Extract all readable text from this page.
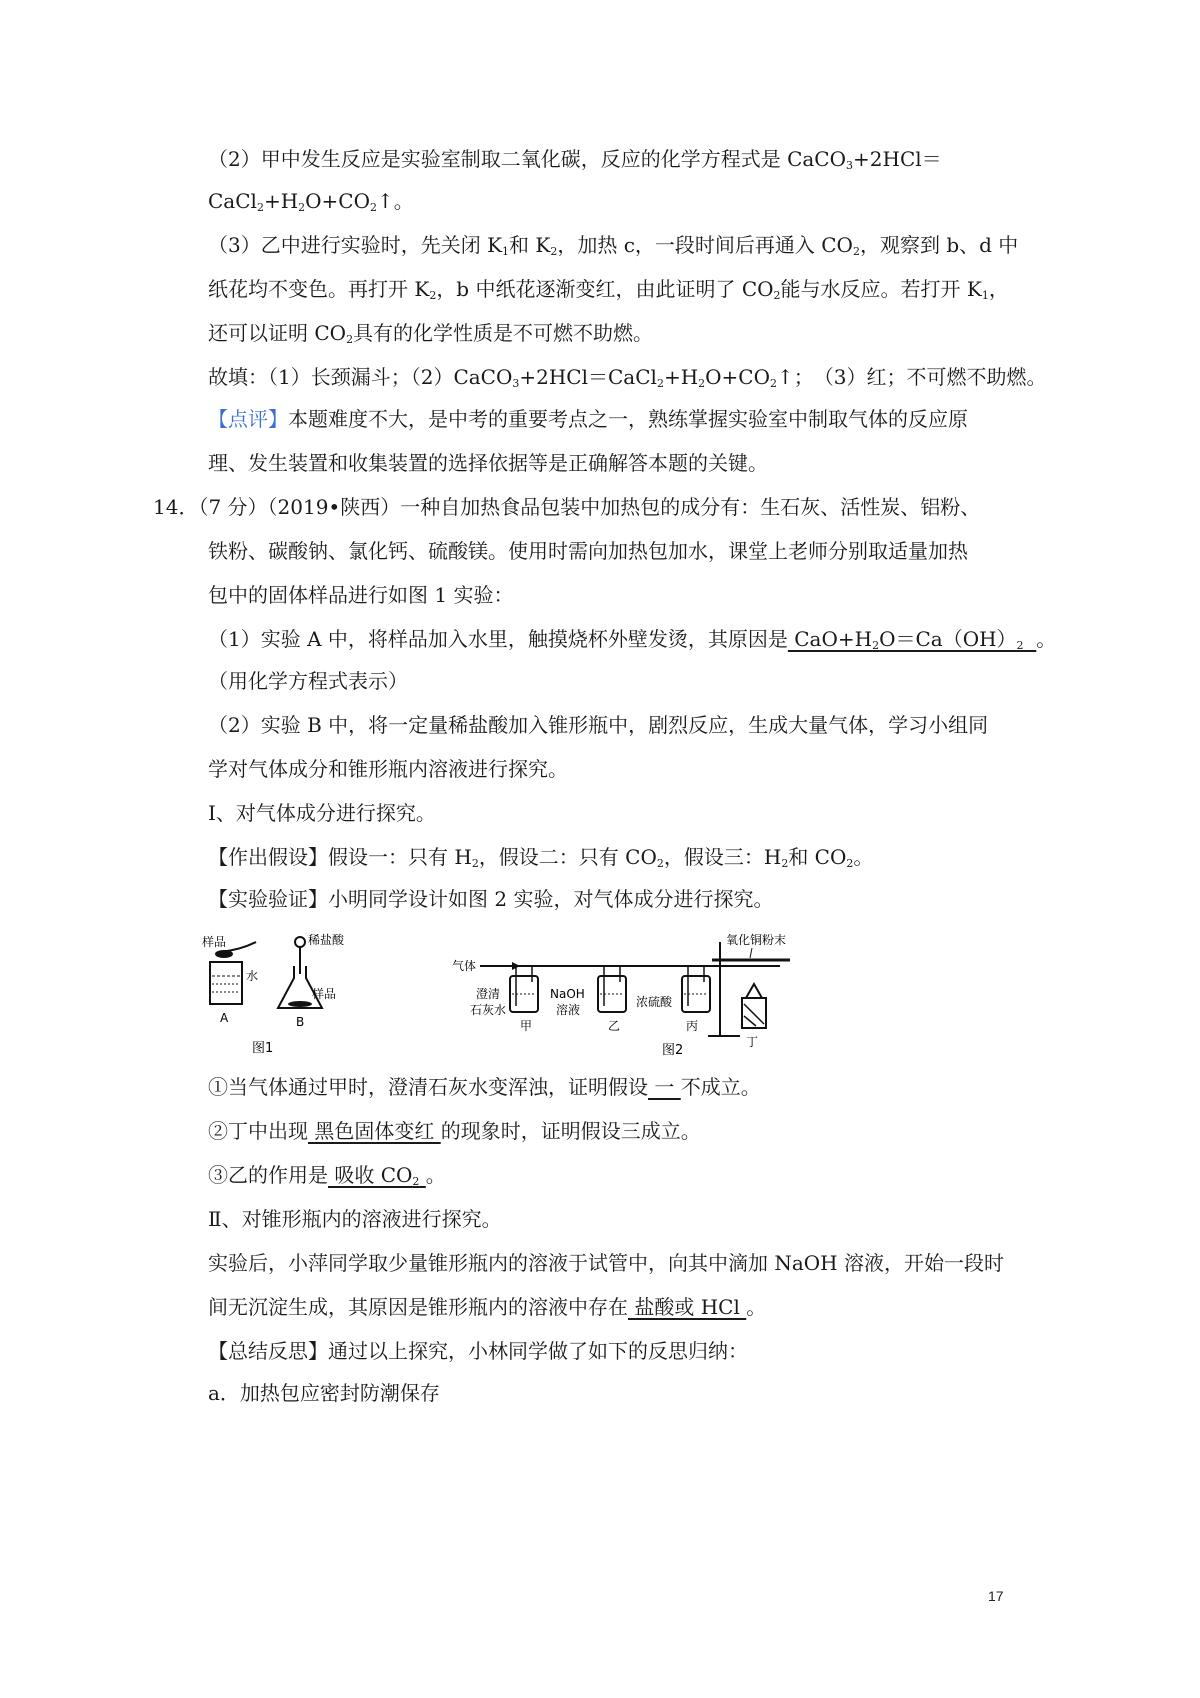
（2）甲中发生反应是实验室制取二氧化碳，反应的化学方程式是 CaCO$_3$+2HCl＝
$CaCl_2+H_2O+CO_2↑$。
（3）乙中进行实验时，先关闭 $K_1$和 $K_2$，加热 c，一段时间后再通入 $CO_2$，观察到 b、d 中
纸花均不变色。再打开 $K_2$，b 中纸花逐渐变红，由此证明了 $CO_2$能与水反应。若打开 $K_1$，
还可以证明 $CO_2$具有的化学性质是不可燃不助燃。
故填：（1）长颈漏斗；$(2)CaCO_3+2HCl=CaCl_2+H_2O+CO_2↑$；　（3）红；不可燃不助燃。
【点评】本题难度不大，是中考的重要考点之一，熟练掌握实验室中制取气体的反应原
理、发生装置和收集装置的选择依据等是正确解答本题的关键。
14．（7 分）（2019•陕西）一种自加热食品包装中加热包的成分有：生石灰、活性炭、铝粉、
铁粉、碳酸钠、氯化钙、硫酸镁。使用时需向加热包加水，课堂上老师分别取适量加热
包中的固体样品进行如图 1 实验：
（1）实验 A 中，将样品加入水里，触摸烧杯外壁发烫，其原因是 $CaO+H_2O=Ca(OH)_2$ 。
（用化学方程式表示）
（2）实验 B 中，将一定量稀盐酸加入锥形瓶中，剧烈反应，生成大量气体，学习小组同
学对气体成分和锥形瓶内溶液进行探究。
Ⅰ、对气体成分进行探究。
【作出假设】假设一：只有 $H_2$，假设二：只有 $CO_2$，假设三：$H_2$和 $CO_2$。
【实验验证】小明同学设计如图 2 实验，对气体成分进行探究。
样品
水
A
稀盐酸
样品
B
图1
气体
澄清
石灰水
甲
NaOH
溶液
乙
浓硫酸
丙
氧化铜粉末
丁
图2
①当气体通过甲时，澄清石灰水变浑浊，证明假设 一 不成立。
②丁中出现 黑色固体变红 的现象时，证明假设三成立。
③乙的作用是 吸收 $CO_2$ 。
Ⅱ、对锥形瓶内的溶液进行探究。
实验后，小萍同学取少量锥形瓶内的溶液于试管中，向其中滴加 NaOH 溶液，开始一段时
间无沉淀生成，其原因是锥形瓶内的溶液中存在 盐酸或 HCl 。
【总结反思】通过以上探究，小林同学做了如下的反思归纳：
a．加热包应密封防潮保存
17
